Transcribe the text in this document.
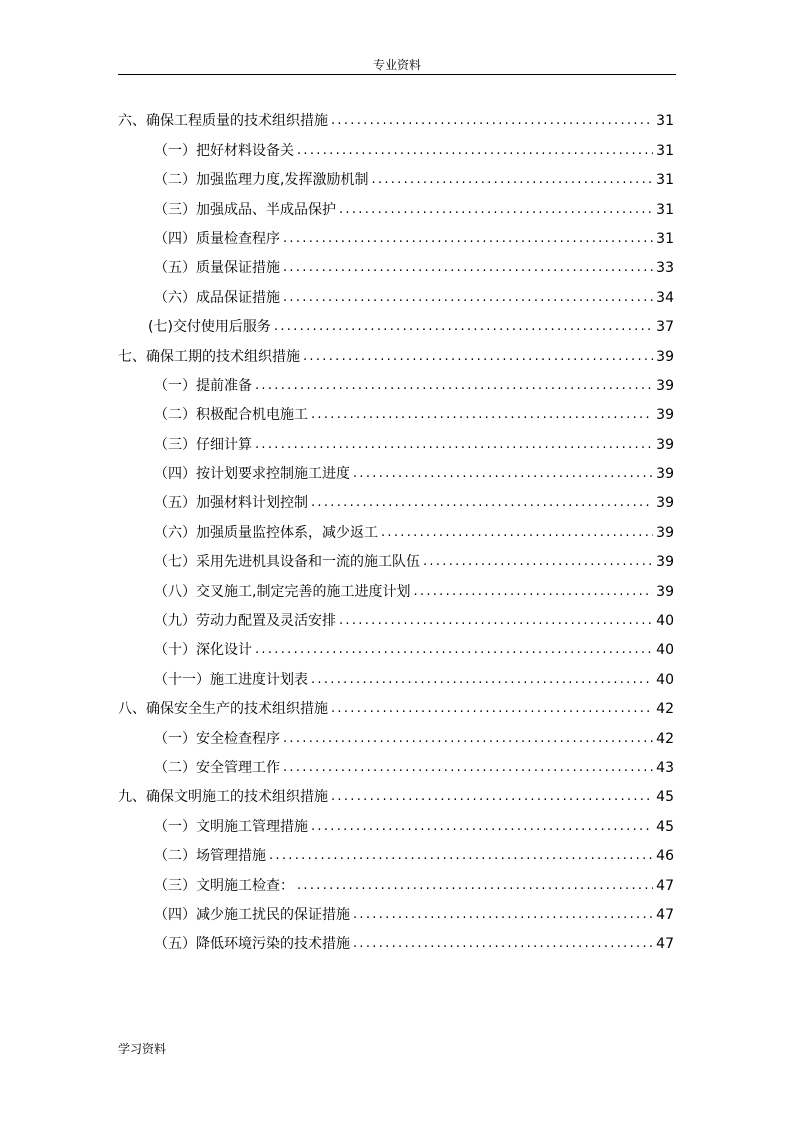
专业资料
六、确保工程质量的技术组织措施 .....	31
（一）把好材料设备关 .....	31
（二）加强监理力度,发挥激励机制 .....	31
（三）加强成品、半成品保护 .....	31
（四）质量检查程序 .....	31
（五）质量保证措施 .....	33
（六）成品保证措施 .....	34
(七)交付使用后服务 .....	37
七、确保工期的技术组织措施 .....	39
（一）提前准备 .....	39
（二）积极配合机电施工 .....	39
（三）仔细计算 .....	39
（四）按计划要求控制施工进度 .....	39
（五）加强材料计划控制 .....	39
（六）加强质量监控体系，减少返工 .....	39
（七）采用先进机具设备和一流的施工队伍 .....	39
（八）交叉施工,制定完善的施工进度计划 .....	39
（九）劳动力配置及灵活安排 .....	40
（十）深化设计 .....	40
（十一）施工进度计划表 .....	40
八、确保安全生产的技术组织措施 .....	42
（一）安全检查程序 .....	42
（二）安全管理工作 .....	43
九、确保文明施工的技术组织措施 .....	45
（一）文明施工管理措施 .....	45
（二）场管理措施 .....	46
（三）文明施工检查： .....	47
（四）减少施工扰民的保证措施 .....	47
（五）降低环境污染的技术措施 .....	47
学习资料
